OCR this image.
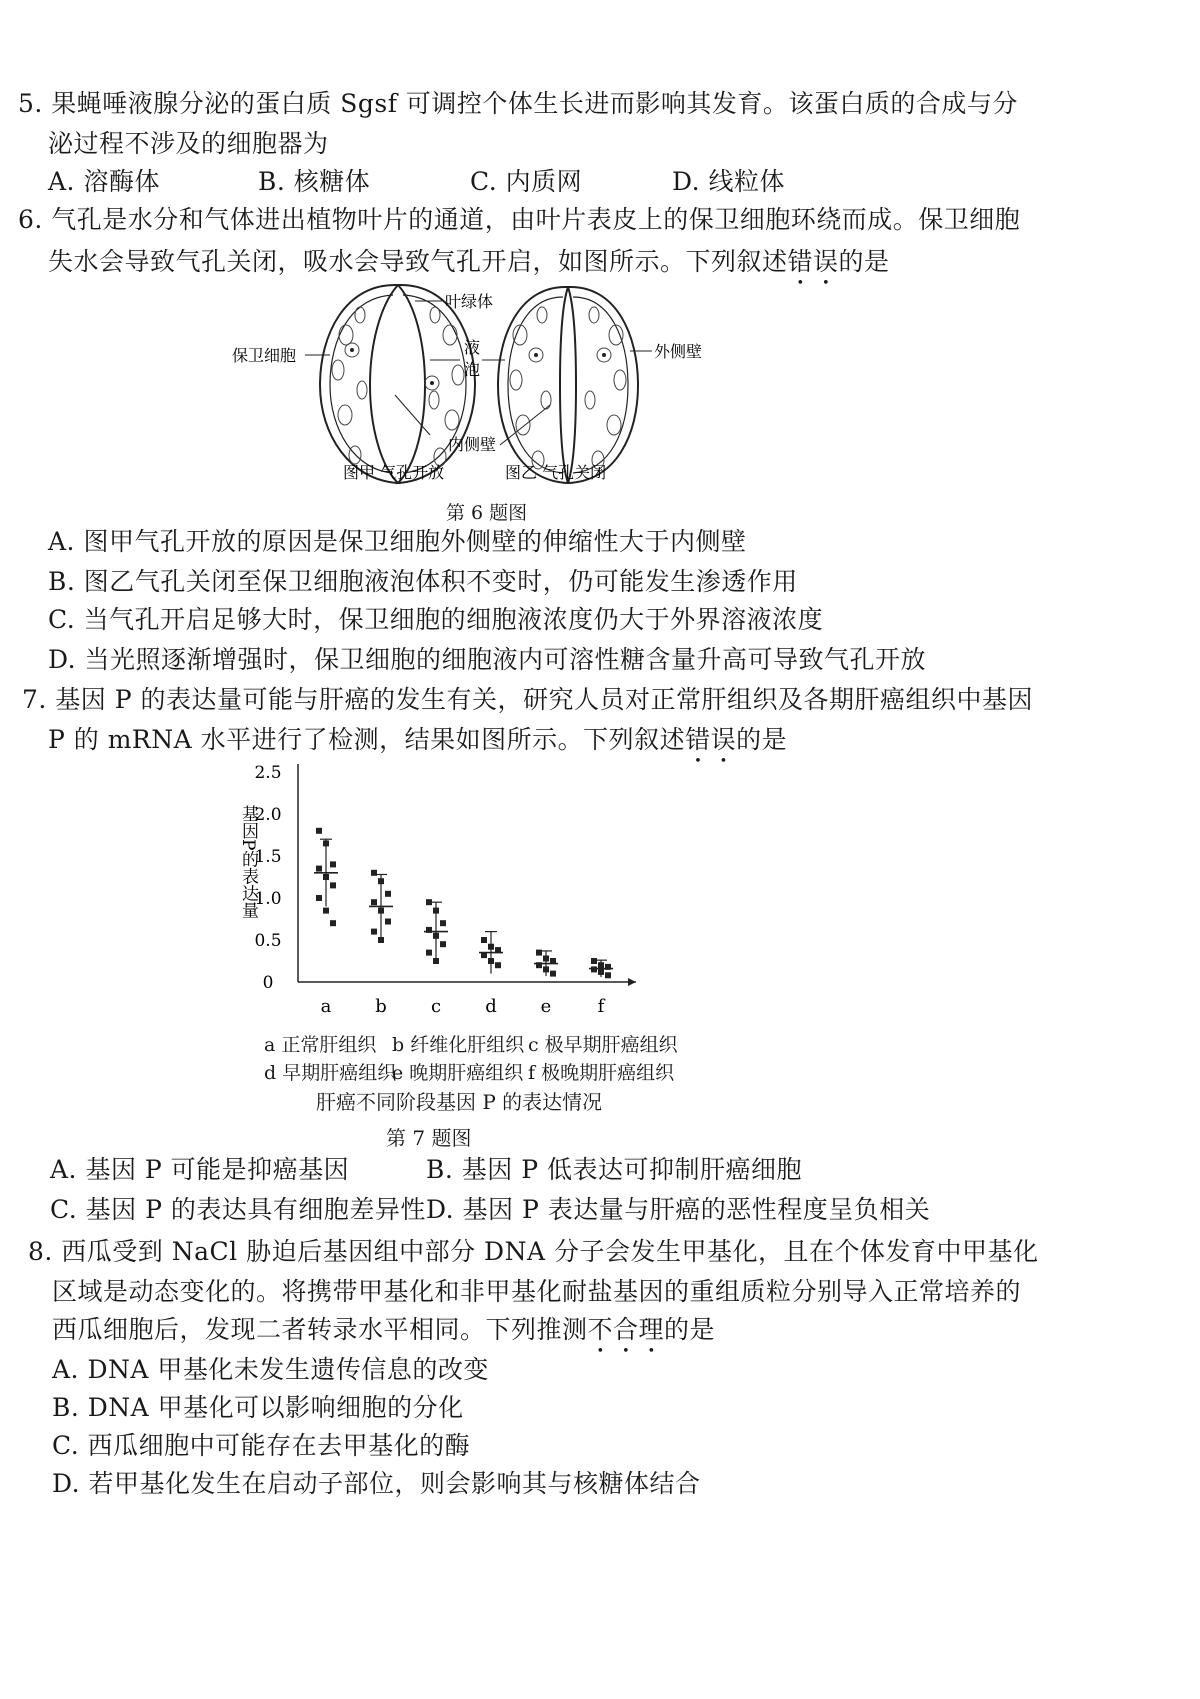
5. 果蝇唾液腺分泌的蛋白质 Sgsf 可调控个体生长进而影响其发育。该蛋白质的合成与分
泌过程不涉及的细胞器为
A. 溶酶体	B. 核糖体	C. 内质网	D. 线粒体
6. 气孔是水分和气体进出植物叶片的通道，由叶片表皮上的保卫细胞环绕而成。保卫细胞
失水会导致气孔关闭，吸水会导致气孔开启，如图所示。下列叙述错误的是
叶绿体
保卫细胞	外侧壁
液
泡
内侧壁
图甲 气孔开放	图乙 气孔关闭
第 6 题图
A. 图甲气孔开放的原因是保卫细胞外侧壁的伸缩性大于内侧壁
B. 图乙气孔关闭至保卫细胞液泡体积不变时，仍可能发生渗透作用
C. 当气孔开启足够大时，保卫细胞的细胞液浓度仍大于外界溶液浓度
D. 当光照逐渐增强时，保卫细胞的细胞液内可溶性糖含量升高可导致气孔开放
7. 基因 P 的表达量可能与肝癌的发生有关，研究人员对正常肝组织及各期肝癌组织中基因
P 的 mRNA 水平进行了检测，结果如图所示。下列叙述错误的是
0
0.5
1.0
1.5
2.0
2.5
基因P的表达量
a b c d e	f
a 正常肝组织 b 纤维化肝组织 c 极早期肝癌组织
d 早期肝癌组织
e 晚期肝癌组织 f 极晚期肝癌组织
肝癌不同阶段基因 P 的表达情况
第 7 题图
A. 基因 P 可能是抑癌基因	B. 基因 P 低表达可抑制肝癌细胞
C. 基因 P 的表达具有细胞差异性 D. 基因 P 表达量与肝癌的恶性程度呈负相关
8. 西瓜受到 NaCl 胁迫后基因组中部分 DNA 分子会发生甲基化，且在个体发育中甲基化
区域是动态变化的。将携带甲基化和非甲基化耐盐基因的重组质粒分别导入正常培养的
西瓜细胞后，发现二者转录水平相同。下列推测不合理的是
A. DNA 甲基化未发生遗传信息的改变
B. DNA 甲基化可以影响细胞的分化
C. 西瓜细胞中可能存在去甲基化的酶
D. 若甲基化发生在启动子部位，则会影响其与核糖体结合
